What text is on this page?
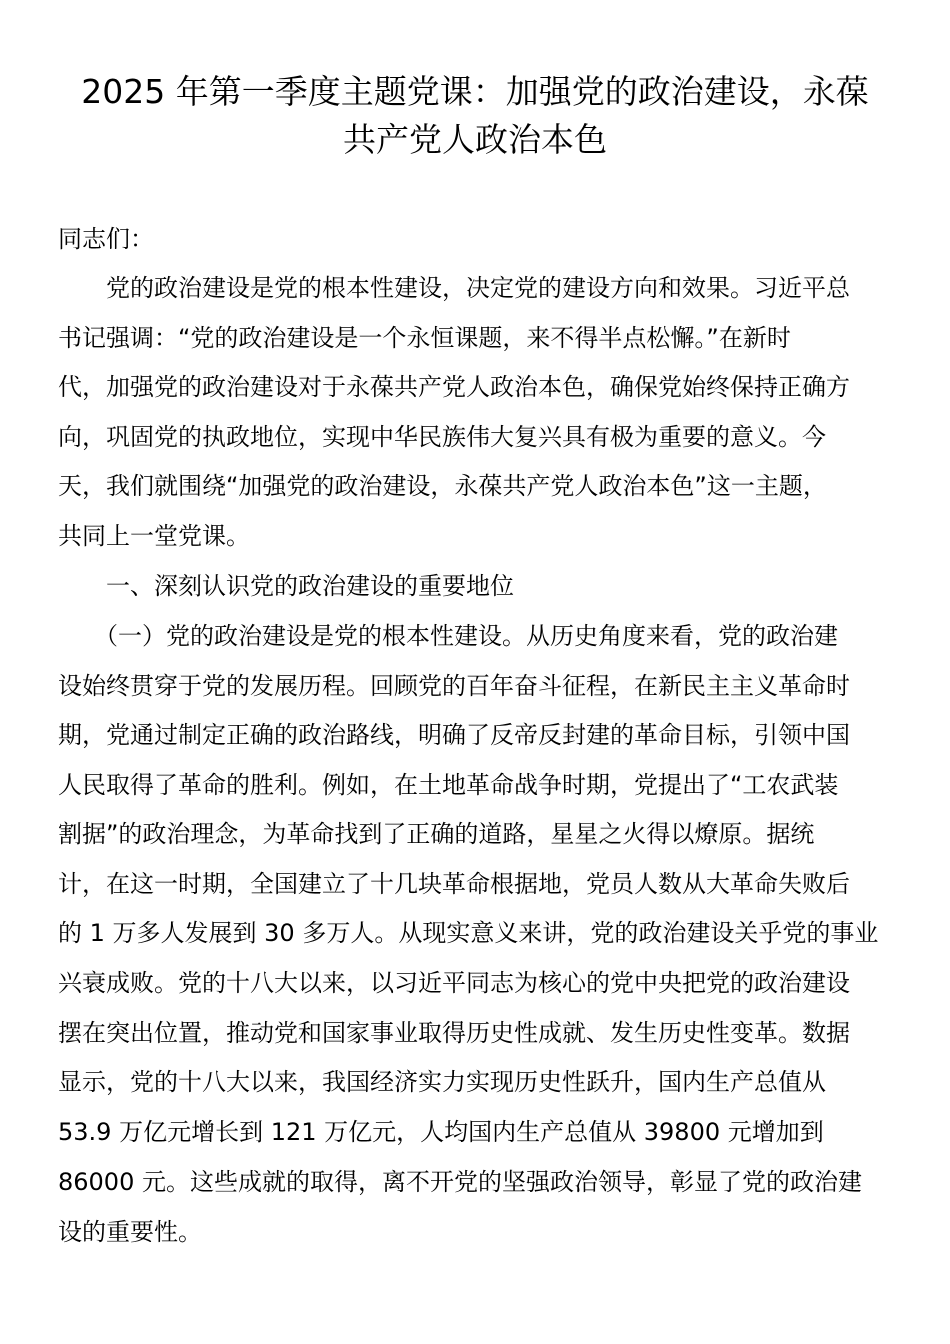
2025 年第一季度主题党课：加强党的政治建设，永葆
共产党人政治本色
同志们：
　　党的政治建设是党的根本性建设，决定党的建设方向和效果。习近平总
书记强调：“党的政治建设是一个永恒课题，来不得半点松懈。”在新时
代，加强党的政治建设对于永葆共产党人政治本色，确保党始终保持正确方
向，巩固党的执政地位，实现中华民族伟大复兴具有极为重要的意义。今
天，我们就围绕“加强党的政治建设，永葆共产党人政治本色”这一主题，
共同上一堂党课。
　　一、深刻认识党的政治建设的重要地位
　　（一）党的政治建设是党的根本性建设。从历史角度来看，党的政治建
设始终贯穿于党的发展历程。回顾党的百年奋斗征程，在新民主主义革命时
期，党通过制定正确的政治路线，明确了反帝反封建的革命目标，引领中国
人民取得了革命的胜利。例如，在土地革命战争时期，党提出了“工农武装
割据”的政治理念，为革命找到了正确的道路，星星之火得以燎原。据统
计，在这一时期，全国建立了十几块革命根据地，党员人数从大革命失败后
的 1 万多人发展到 30 多万人。从现实意义来讲，党的政治建设关乎党的事业
兴衰成败。党的十八大以来，以习近平同志为核心的党中央把党的政治建设
摆在突出位置，推动党和国家事业取得历史性成就、发生历史性变革。数据
显示，党的十八大以来，我国经济实力实现历史性跃升，国内生产总值从
53.9 万亿元增长到 121 万亿元，人均国内生产总值从 39800 元增加到
86000 元。这些成就的取得，离不开党的坚强政治领导，彰显了党的政治建
设的重要性。
